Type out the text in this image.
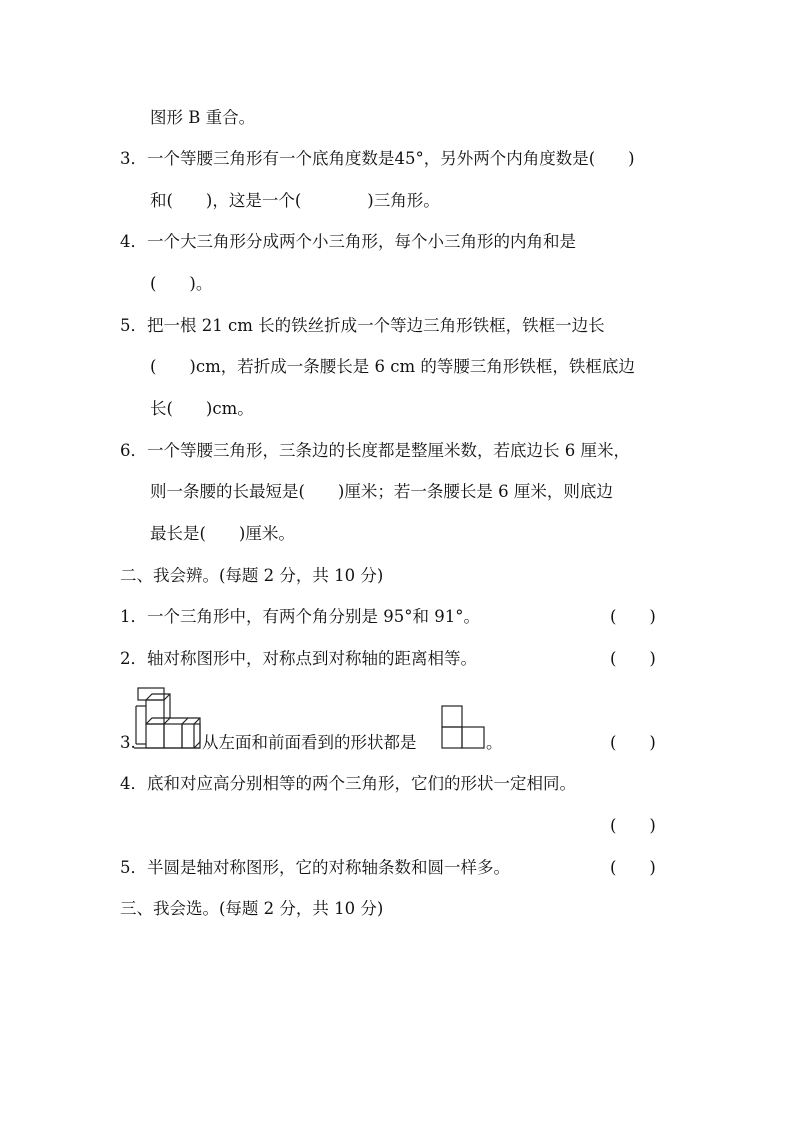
图形 B 重合。
3．一个等腰三角形有一个底角度数是45°，另外两个内角度数是(　　)
和(　　)，这是一个(　　　　)三角形。
4．一个大三角形分成两个小三角形，每个小三角形的内角和是
(　　)。
5．把一根 21 cm 长的铁丝折成一个等边三角形铁框，铁框一边长
(　　)cm，若折成一条腰长是 6 cm 的等腰三角形铁框，铁框底边
长(　　)cm。
6．一个等腰三角形，三条边的长度都是整厘米数，若底边长 6 厘米，
则一条腰的长最短是(　　)厘米；若一条腰长是 6 厘米，则底边
最长是(　　)厘米。
二、我会辨。(每题 2 分，共 10 分)
1．一个三角形中，有两个角分别是 95°和 91°。	(　　)
2．轴对称图形中，对称点到对称轴的距离相等。	(　　)
3.	从左面和前面看到的形状都是	。	(　　)
4．底和对应高分别相等的两个三角形，它们的形状一定相同。
(　　)
5．半圆是轴对称图形，它的对称轴条数和圆一样多。	(　　)
三、我会选。(每题 2 分，共 10 分)
